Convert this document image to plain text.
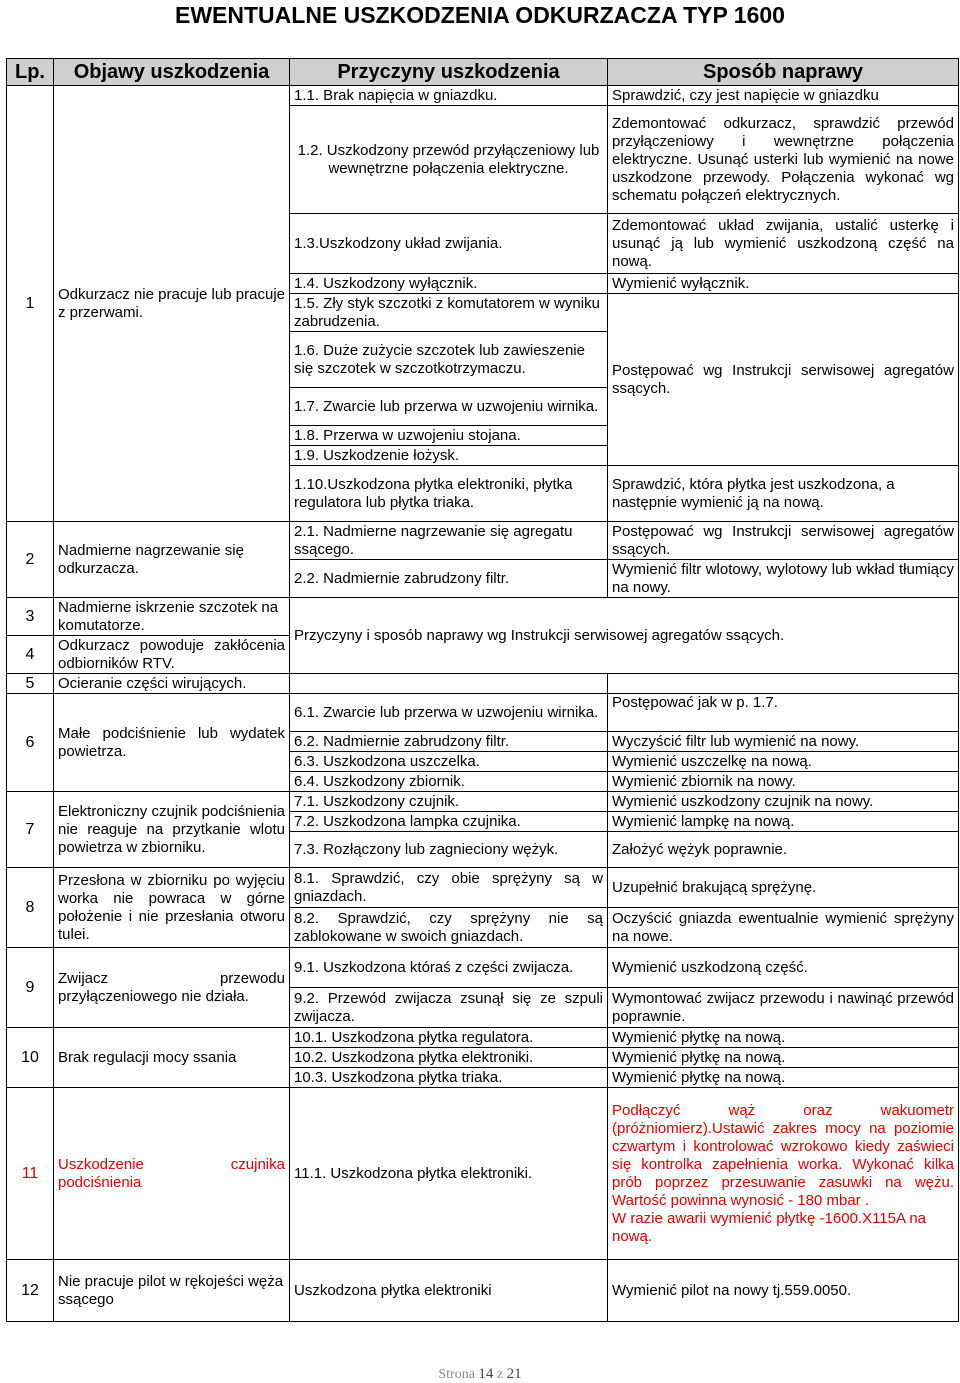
EWENTUALNE USZKODZENIA ODKURZACZA TYP 1600
Lp.	Objawy uszkodzenia	Przyczyny uszkodzenia	Sposób naprawy
1	Odkurzacz nie pracuje lub pracuje z przerwami.	1.1. Brak napięcia w gniazdku.	Sprawdzić, czy jest napięcie w gniazdku
		1.2. Uszkodzony przewód przyłączeniowy lub wewnętrzne połączenia elektryczne.	Zdemontować odkurzacz, sprawdzić przewód przyłączeniowy i wewnętrzne połączenia elektryczne. Usunąć usterki lub wymienić na nowe uszkodzone przewody. Połączenia wykonać wg schematu połączeń elektrycznych.
		1.3.Uszkodzony układ zwijania.	Zdemontować układ zwijania, ustalić usterkę i usunąć ją lub wymienić uszkodzoną część na nową.
		1.4. Uszkodzony wyłącznik.	Wymienić wyłącznik.
		1.5. Zły styk szczotki z komutatorem w wyniku zabrudzenia.	Postępować wg Instrukcji serwisowej agregatów ssących.
		1.6. Duże zużycie szczotek lub zawieszenie się szczotek w szczotkotrzymaczu.	
		1.7. Zwarcie lub przerwa w uzwojeniu wirnika.	
		1.8. Przerwa w uzwojeniu stojana.	
		1.9. Uszkodzenie łożysk.	
		1.10.Uszkodzona płytka elektroniki, płytka regulatora lub płytka triaka.	Sprawdzić, która płytka jest uszkodzona, a następnie wymienić ją na nową.
2	Nadmierne nagrzewanie się odkurzacza.	2.1. Nadmierne nagrzewanie się agregatu ssącego.	Postępować wg Instrukcji serwisowej agregatów ssących.
		2.2. Nadmiernie zabrudzony filtr.	Wymienić filtr wlotowy, wylotowy lub wkład tłumiący na nowy.
3	Nadmierne iskrzenie szczotek na komutatorze.	Przyczyny i sposób naprawy wg Instrukcji serwisowej agregatów ssących.	
4	Odkurzacz powoduje zakłócenia odbiorników RTV.		
5	Ocieranie części wirujących.		
6	Małe podciśnienie lub wydatek powietrza.	6.1. Zwarcie lub przerwa w uzwojeniu wirnika.	Postępować jak w p. 1.7.
		6.2. Nadmiernie zabrudzony filtr.	Wyczyścić filtr lub wymienić na nowy.
		6.3. Uszkodzona uszczelka.	Wymienić uszczelkę na nową.
		6.4. Uszkodzony zbiornik.	Wymienić zbiornik na nowy.
7	Elektroniczny czujnik podciśnienia nie reaguje na przytkanie wlotu powietrza w zbiorniku.	7.1. Uszkodzony czujnik.	Wymienić uszkodzony czujnik na nowy.
		7.2. Uszkodzona lampka czujnika.	Wymienić lampkę na nową.
		7.3. Rozłączony lub zagnieciony wężyk.	Założyć wężyk poprawnie.
8	Przesłona w zbiorniku po wyjęciu worka nie powraca w górne położenie i nie przesłania otworu tulei.	8.1. Sprawdzić, czy obie sprężyny są w gniazdach.	Uzupełnić brakującą sprężynę.
		8.2. Sprawdzić, czy sprężyny nie są zablokowane w swoich gniazdach.	Oczyścić gniazda ewentualnie wymienić sprężyny na nowe.
9	Zwijacz przewodu przyłączeniowego nie działa.	9.1. Uszkodzona któraś z części zwijacza.	Wymienić uszkodzoną część.
		9.2. Przewód zwijacza zsunął się ze szpuli zwijacza.	Wymontować zwijacz przewodu i nawinąć przewód poprawnie.
10	Brak regulacji mocy ssania	10.1. Uszkodzona płytka regulatora.	Wymienić płytkę na nową.
		10.2. Uszkodzona płytka elektroniki.	Wymienić płytkę na nową.
		10.3. Uszkodzona płytka triaka.	Wymienić płytkę na nową.
11	Uszkodzenie czujnika podciśnienia	11.1. Uszkodzona płytka elektroniki.	Podłączyć wąż oraz wakuometr (próżniomierz).Ustawić zakres mocy na poziomie czwartym i kontrolować wzrokowo kiedy zaświeci się kontrolka zapełnienia worka. Wykonać kilka prób poprzez przesuwanie zasuwki na wężu. Wartość powinna wynosić - 180 mbar .
W razie awarii wymienić płytkę -1600.X115A na nową.

12	Nie pracuje pilot w rękojeści węża ssącego	Uszkodzona płytka elektroniki	Wymienić pilot na nowy tj.559.0050.
Strona 14 z 21
